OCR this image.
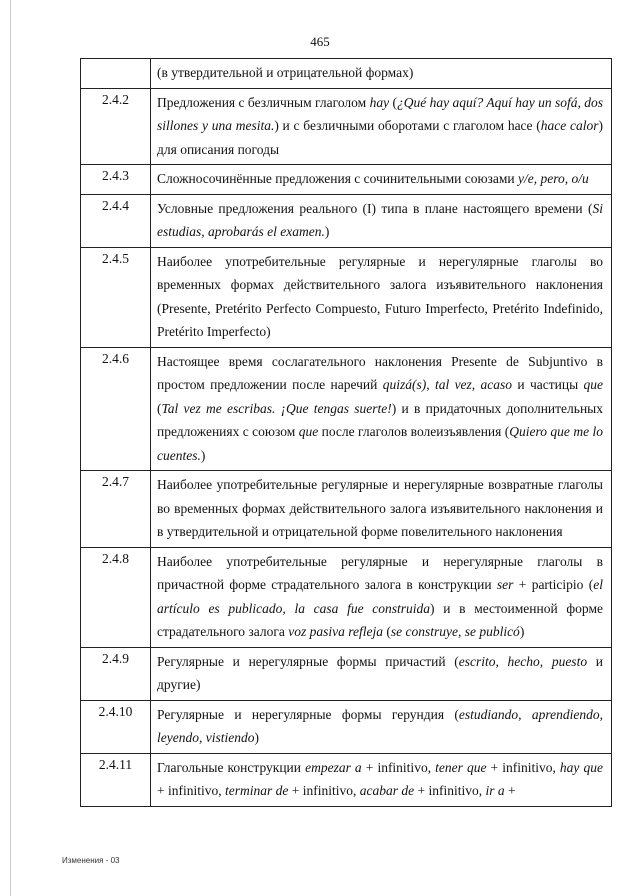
465
(в утвердительной и отрицательной формах)
2.4.2	Предложения с безличным глаголом hay (¿Qué hay aquí? Aquí hay un sofá, dos sillones y una mesita.) и с безличными оборотами с глаголом hace (hace calor) для описания погоды
2.4.3	Сложносочинённые предложения с сочинительными союзами y/e, pero, o/u
2.4.4	Условные предложения реального (I) типа в плане настоящего времени (Si estudias, aprobarás el examen.)
2.4.5	Наиболее употребительные регулярные и нерегулярные глаголы во временных формах действительного залога изъявительного наклонения (Presente, Pretérito Perfecto Compuesto, Futuro Imperfecto, Pretérito Indefinido, Pretérito Imperfecto)
2.4.6	Настоящее время сослагательного наклонения Presente de Subjuntivo в простом предложении после наречий quizá(s), tal vez, acaso и частицы que (Tal vez me escribas. ¡Que tengas suerte!) и в придаточных дополнительных предложениях с союзом que после глаголов волеизъявления (Quiero que me lo cuentes.)
2.4.7	Наиболее употребительные регулярные и нерегулярные возвратные глаголы во временных формах действительного залога изъявительного наклонения и в утвердительной и отрицательной форме повелительного наклонения
2.4.8	Наиболее употребительные регулярные и нерегулярные глаголы в причастной форме страдательного залога в конструкции ser + participio (el artículo es publicado, la casa fue construida) и в местоименной форме страдательного залога voz pasiva refleja (se construye, se publicó)
2.4.9	Регулярные и нерегулярные формы причастий (escrito, hecho, puesto и другие)
2.4.10	Регулярные и нерегулярные формы герундия (estudiando, aprendiendo, leyendo, vistiendo)
2.4.11	Глагольные конструкции empezar a + infinitivo, tener que + infinitivo, hay que + infinitivo, terminar de + infinitivo, acabar de + infinitivo, ir a +
Изменения - 03
